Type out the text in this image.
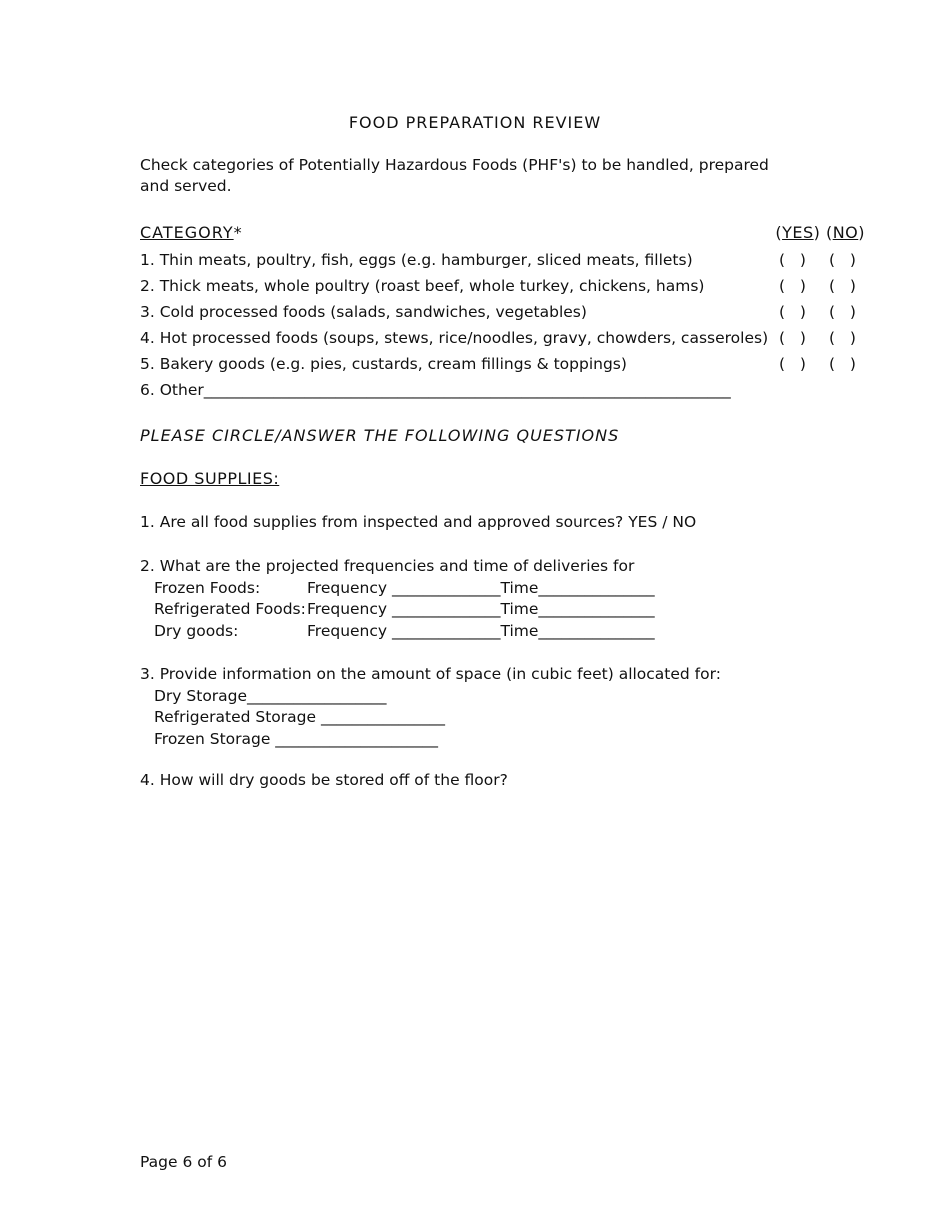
FOOD PREPARATION REVIEW
Check categories of Potentially Hazardous Foods (PHF's) to be handled, prepared and served.
CATEGORY*	(YES) (NO)
1. Thin meats, poultry, fish, eggs (e.g. hamburger, sliced meats, fillets)	(   ) (   )
2. Thick meats, whole poultry (roast beef, whole turkey, chickens, hams)	(   ) (   )
3. Cold processed foods (salads, sandwiches, vegetables)	(   ) (   )
4. Hot processed foods (soups, stews, rice/noodles, gravy, chowders, casseroles) (   ) (   )
5. Bakery goods (e.g. pies, custards, cream fillings & toppings)	(   ) (   )
6. Other____________________________________________________________________
PLEASE CIRCLE/ANSWER THE FOLLOWING QUESTIONS
FOOD SUPPLIES:
1. Are all food supplies from inspected and approved sources? YES / NO
2. What are the projected frequencies and time of deliveries for
Frozen Foods:	Frequency ______________Time_______________
Refrigerated Foods: Frequency ______________Time_______________
Dry goods:	Frequency ______________Time_______________
3. Provide information on the amount of space (in cubic feet) allocated for:
Dry Storage__________________
Refrigerated Storage ________________
Frozen Storage _____________________
4. How will dry goods be stored off of the floor?
Page 6 of 6
